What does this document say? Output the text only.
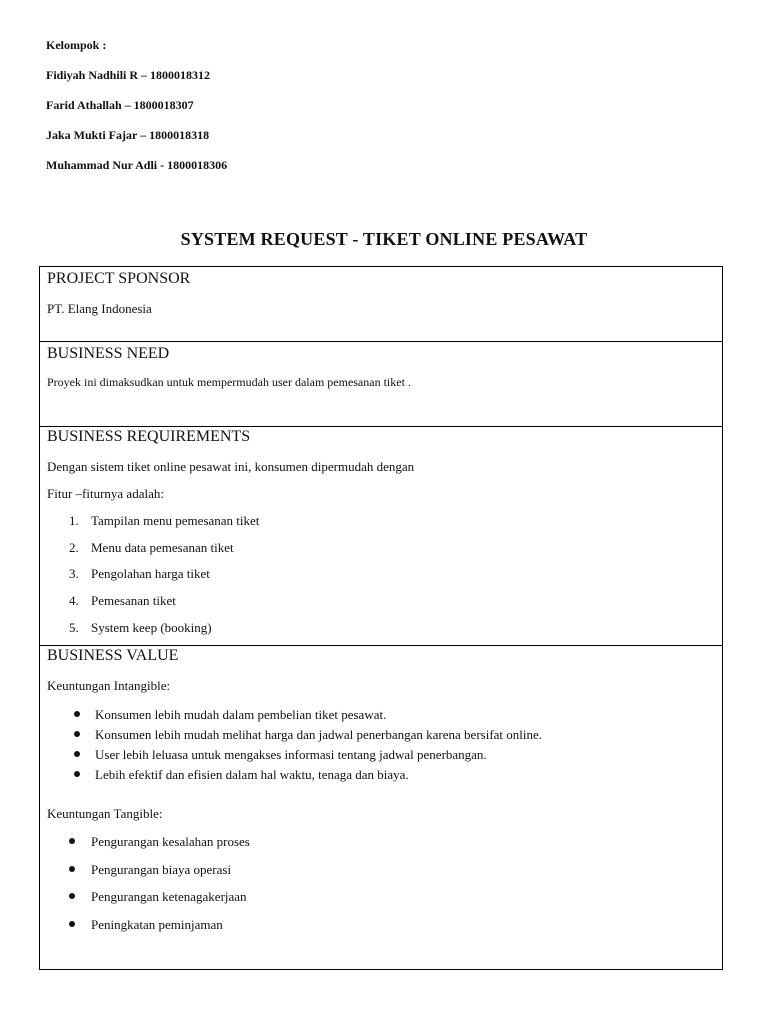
Kelompok :
Fidiyah Nadhili R – 1800018312
Farid Athallah – 1800018307
Jaka Mukti Fajar – 1800018318
Muhammad Nur Adli - 1800018306
SYSTEM REQUEST - TIKET ONLINE PESAWAT
PROJECT SPONSOR
PT. Elang Indonesia
BUSINESS NEED
Proyek ini dimaksudkan untuk mempermudah user dalam pemesanan tiket .
BUSINESS REQUIREMENTS
Dengan sistem tiket online pesawat ini, konsumen dipermudah dengan
Fitur –fiturnya adalah:
1. Tampilan menu pemesanan tiket
2. Menu data pemesanan tiket
3. Pengolahan harga tiket
4. Pemesanan tiket
5. System keep (booking)
BUSINESS VALUE
Keuntungan Intangible:
Konsumen lebih mudah dalam pembelian tiket pesawat.
Konsumen lebih mudah melihat harga dan jadwal penerbangan karena bersifat online.
User lebih leluasa untuk mengakses informasi tentang jadwal penerbangan.
Lebih efektif dan efisien dalam hal waktu, tenaga dan biaya.
Keuntungan Tangible:
Pengurangan kesalahan proses
Pengurangan biaya operasi
Pengurangan ketenagakerjaan
Peningkatan peminjaman
